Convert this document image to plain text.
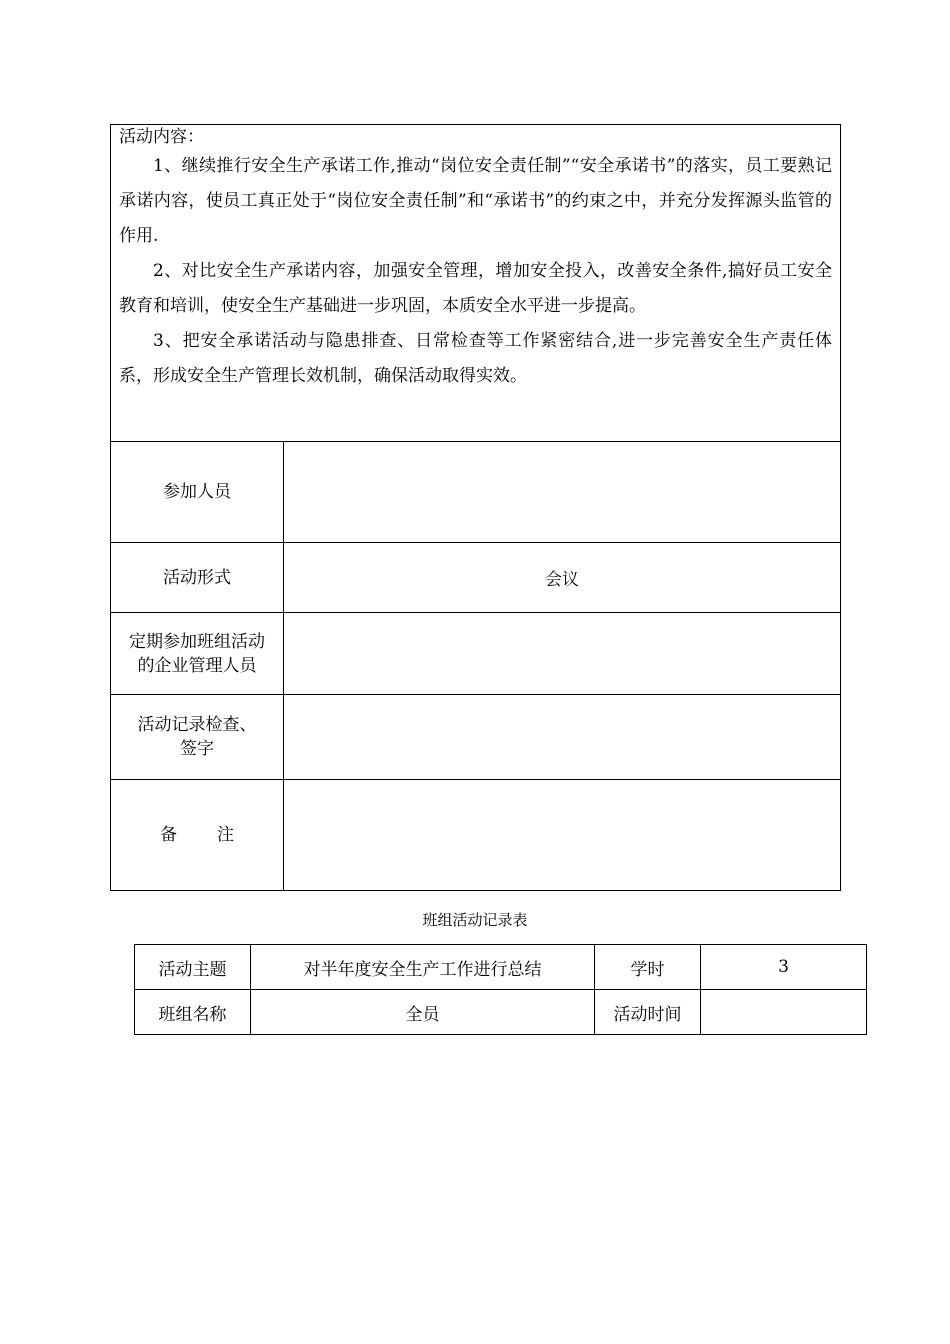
活动内容：
1、继续推行安全生产承诺工作,推动“岗位安全责任制”“安全承诺书”的落实，员工要熟记承诺内容，使员工真正处于“岗位安全责任制”和“承诺书”的约束之中，并充分发挥源头监管的作用.
2、对比安全生产承诺内容，加强安全管理，增加安全投入，改善安全条件,搞好员工安全教育和培训，使安全生产基础进一步巩固，本质安全水平进一步提高。
3、把安全承诺活动与隐患排查、日常检查等工作紧密结合,进一步完善安全生产责任体系，形成安全生产管理长效机制，确保活动取得实效。	

参加人员	
活动形式	会议

定期参加班组活动
的企业管理人员	

活动记录检查、
签字	

备 注	
班组活动记录表
活动主题	对半年度安全生产工作进行总结	学时	3
班组名称	全员	活动时间	
